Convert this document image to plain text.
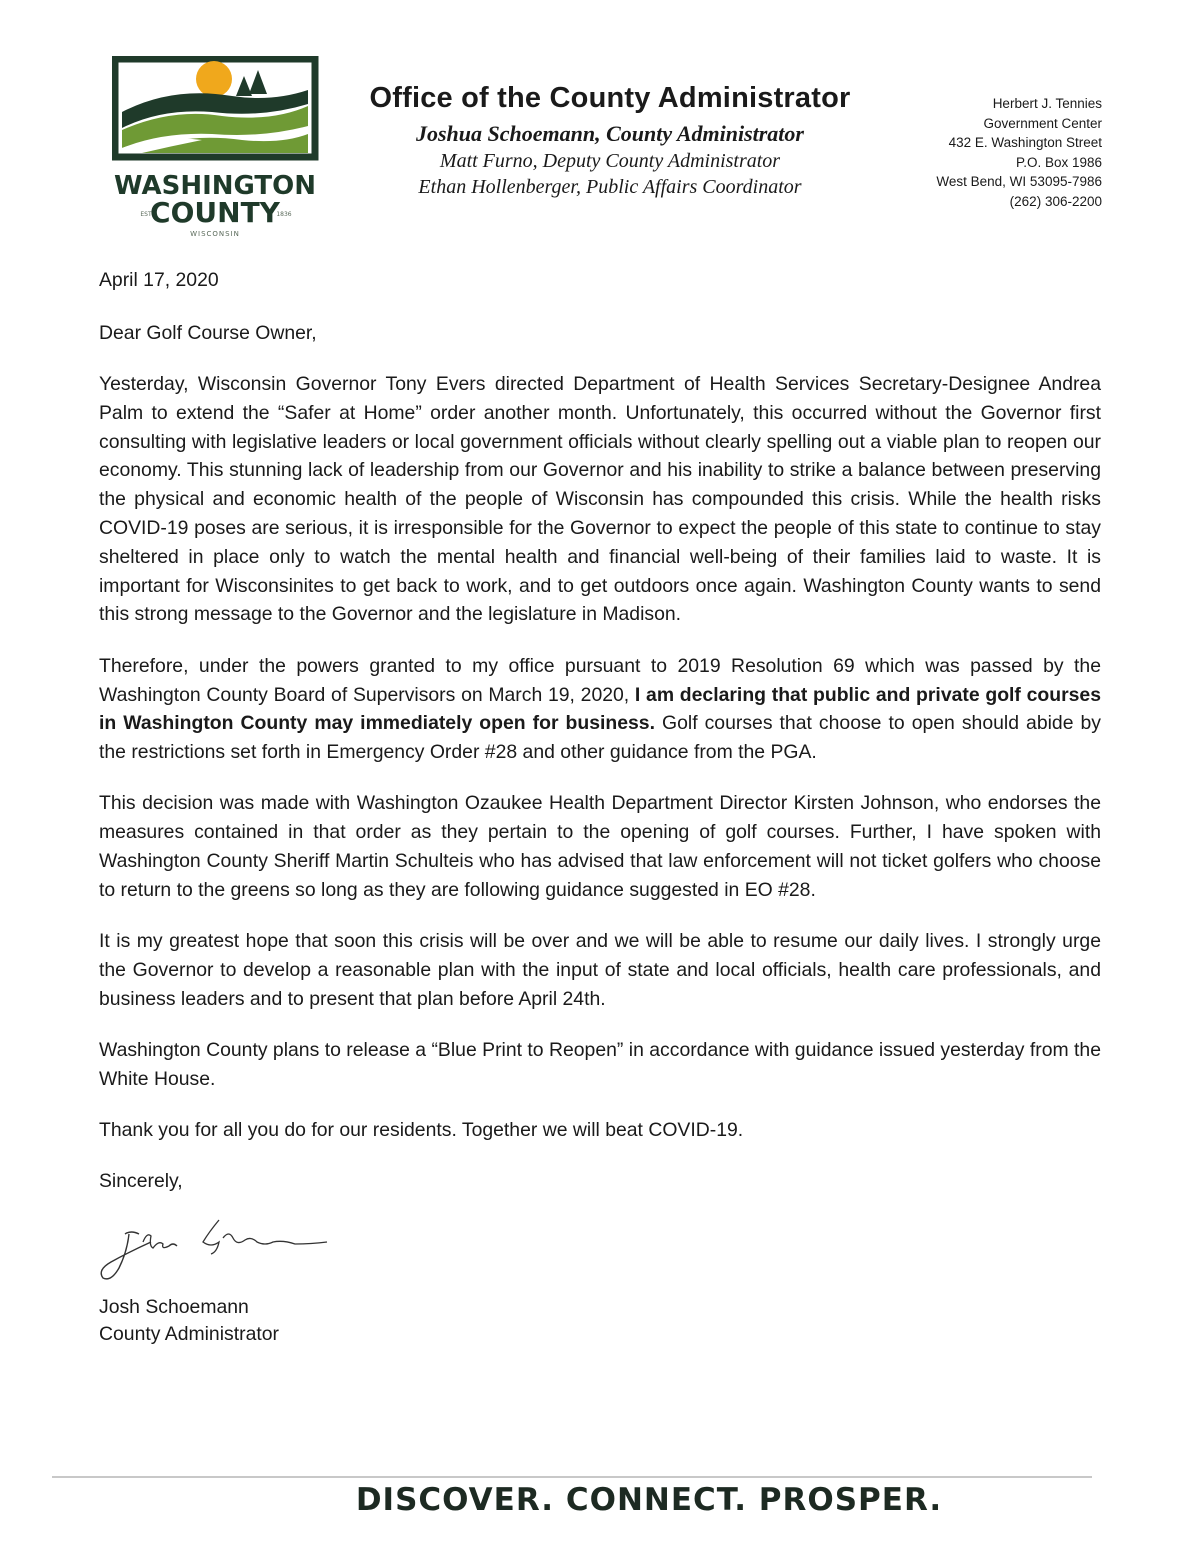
WASHINGTON
COUNTY
EST	1836
WISCONSIN
Office of the County Administrator
Joshua Schoemann, County Administrator
Matt Furno, Deputy County Administrator
Ethan Hollenberger, Public Affairs Coordinator
Herbert J. Tennies
Government Center
432 E. Washington Street
P.O. Box 1986
West Bend, WI 53095-7986
(262) 306-2200

April 17, 2020

Dear Golf Course Owner,

Yesterday, Wisconsin Governor Tony Evers directed Department of Health Services Secretary-Designee Andrea Palm to extend the “Safer at Home” order another month. Unfortunately, this occurred without the Governor first consulting with legislative leaders or local government officials without clearly spelling out a viable plan to reopen our economy. This stunning lack of leadership from our Governor and his inability to strike a balance between preserving the physical and economic health of the people of Wisconsin has compounded this crisis. While the health risks COVID-19 poses are serious, it is irresponsible for the Governor to expect the people of this state to continue to stay sheltered in place only to watch the mental health and financial well-being of their families laid to waste. It is important for Wisconsinites to get back to work, and to get outdoors once again. Washington County wants to send this strong message to the Governor and the legislature in Madison.

Therefore, under the powers granted to my office pursuant to 2019 Resolution 69 which was passed by the Washington County Board of Supervisors on March 19, 2020, I am declaring that public and private golf courses in Washington County may immediately open for business. Golf courses that choose to open should abide by the restrictions set forth in Emergency Order #28 and other guidance from the PGA.

This decision was made with Washington Ozaukee Health Department Director Kirsten Johnson, who endorses the measures contained in that order as they pertain to the opening of golf courses. Further, I have spoken with Washington County Sheriff Martin Schulteis who has advised that law enforcement will not ticket golfers who choose to return to the greens so long as they are following guidance suggested in EO #28.

It is my greatest hope that soon this crisis will be over and we will be able to resume our daily lives. I strongly urge the Governor to develop a reasonable plan with the input of state and local officials, health care professionals, and business leaders and to present that plan before April 24th.

Washington County plans to release a “Blue Print to Reopen” in accordance with guidance issued yesterday from the White House.

Thank you for all you do for our residents. Together we will beat COVID-19.

Sincerely,

Josh Schoemann
County Administrator
DISCOVER. CONNECT. PROSPER.
